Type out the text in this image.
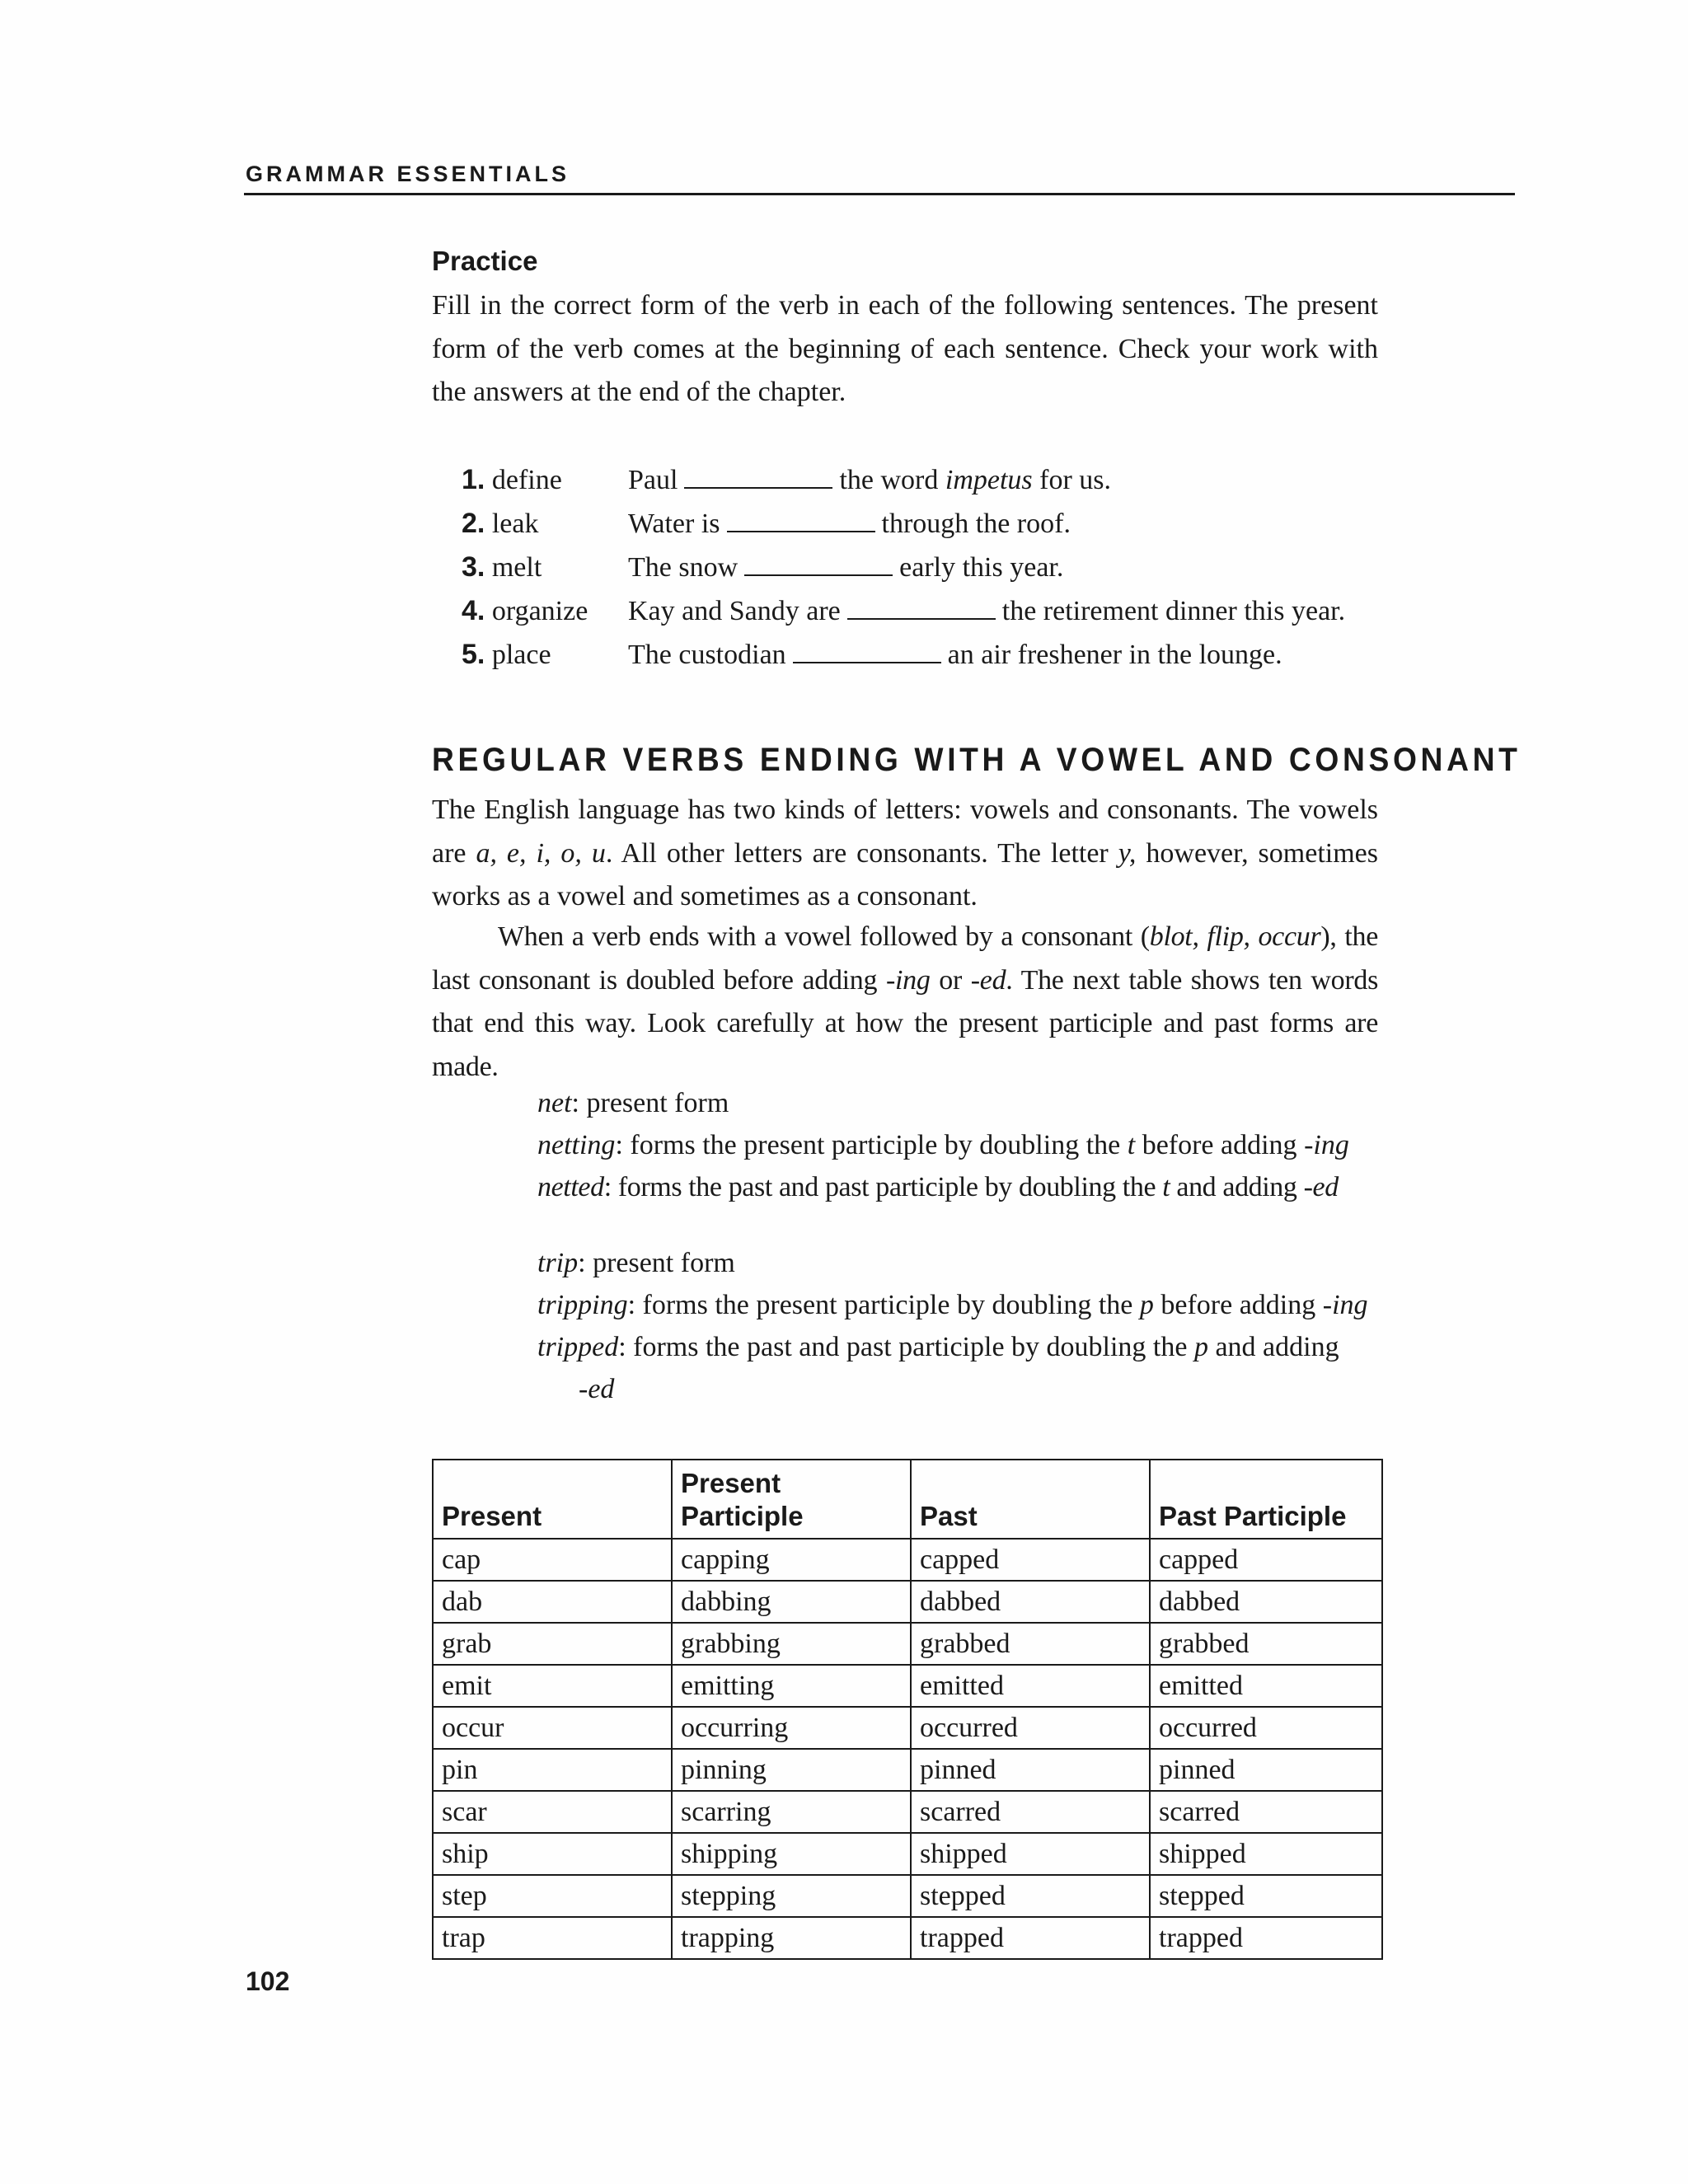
GRAMMAR ESSENTIALS
Practice
Fill in the correct form of the verb in each of the following sentences. The present form of the verb comes at the beginning of each sentence. Check your work with the answers at the end of the chapter.
1. define Paul	the word impetus for us.
2. leak	Water is	through the roof.
3. melt	The snow	early this year.
4. organize Kay and Sandy are	the retirement dinner this year.
5. place	The custodian	an air freshener in the lounge.
REGULAR VERBS ENDING WITH A VOWEL AND CONSONANT
The English language has two kinds of letters: vowels and consonants. The vowels are a, e, i, o, u. All other letters are consonants. The letter y, however, sometimes works as a vowel and sometimes as a consonant.
When a verb ends with a vowel followed by a consonant (blot, flip, occur), the last consonant is doubled before adding -ing or -ed. The next table shows ten words that end this way. Look carefully at how the present participle and past forms are made.
net: present form
netting: forms the present participle by doubling the t before adding -ing
netted: forms the past and past participle by doubling the t and adding -ed
trip: present form
tripping: forms the present participle by doubling the p before adding -ing
tripped: forms the past and past participle by doubling the p and adding
-ed
Present	Present Participle	Past	Past Participle
cap	capping	capped	capped
dab	dabbing	dabbed	dabbed
grab	grabbing	grabbed	grabbed
emit	emitting	emitted	emitted
occur	occurring	occurred	occurred
pin	pinning	pinned	pinned
scar	scarring	scarred	scarred
ship	shipping	shipped	shipped
step	stepping	stepped	stepped
trap	trapping	trapped	trapped
102
